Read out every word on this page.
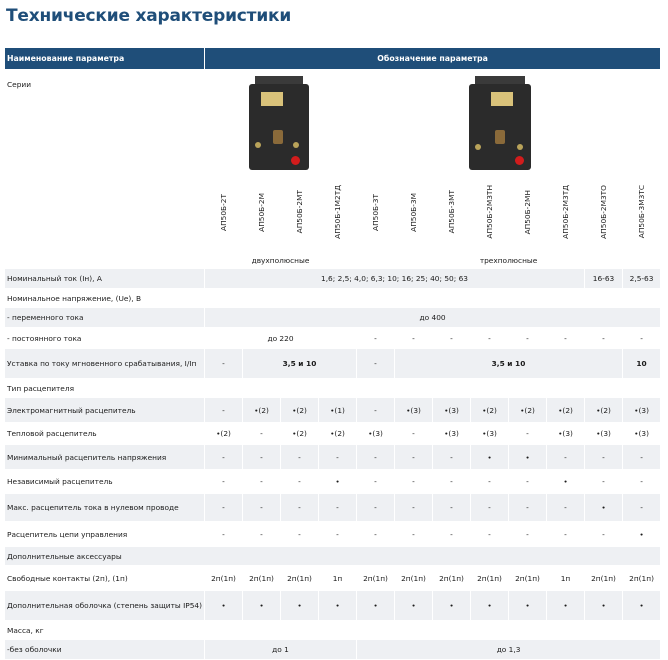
Технические характеристики
Наименование параметра	Обозначение параметра											
Серии											

	АП50Б-2Т	АП50Б-2М	АП50Б-2МТ	АП50Б-1М2ТД	АП50Б-3Т	АП50Б-3М	АП50Б-3МТ	АП50Б-2М3ТН	АП50Б-2МН	АП50Б-2М3ТД	АП50Б-2М3ТО	АП50Б-3М3ТС
	двухполюсные				трехполюсные							
Номинальный ток (Iн), А	1,6; 2,5; 4,0; 6,3; 10; 16; 25; 40; 50; 63										16-63	2,5-63
Номинальное напряжение, (Ue), В												
- переменного тока	до 400											
- постоянного тока	до 220				-	-	-	-	-	-	-	-
Уставка по току мгновенного срабатывания, I/Iп	-	3,5 и 10			-	3,5 и 10						10
Тип расцепителя												
Электромагнитный расцепитель	-	•(2)	•(2)	•(1)	-	•(3)	•(3)	•(2)	•(2)	•(2)	•(2)	•(3)
Тепловой расцепитель	•(2)	-	•(2)	•(2)	•(3)	-	•(3)	•(3)	-	•(3)	•(3)	•(3)
Минимальный расцепитель напряжения	-	-	-	-	-	-	-	•	•	-	-	-
Независимый расцепитель	-	-	-	•	-	-	-	-	-	•	-	-
Макс. расцепитель тока в нулевом проводе	-	-	-	-	-	-	-	-	-	-	•	-
Расцепитель цепи управления	-	-	-	-	-	-	-	-	-	-	-	•
Дополнительные аксессуары												
Свободные контакты (2п), (1п)	2п(1п)	2п(1п)	2п(1п)	1п	2п(1п)	2п(1п)	2п(1п)	2п(1п)	2п(1п)	1п	2п(1п)	2п(1п)
Дополнительная оболочка (степень защиты IP54)	•	•	•	•	•	•	•	•	•	•	•	•
Масса, кг												
-без оболочки	до 1				до 1,3							
